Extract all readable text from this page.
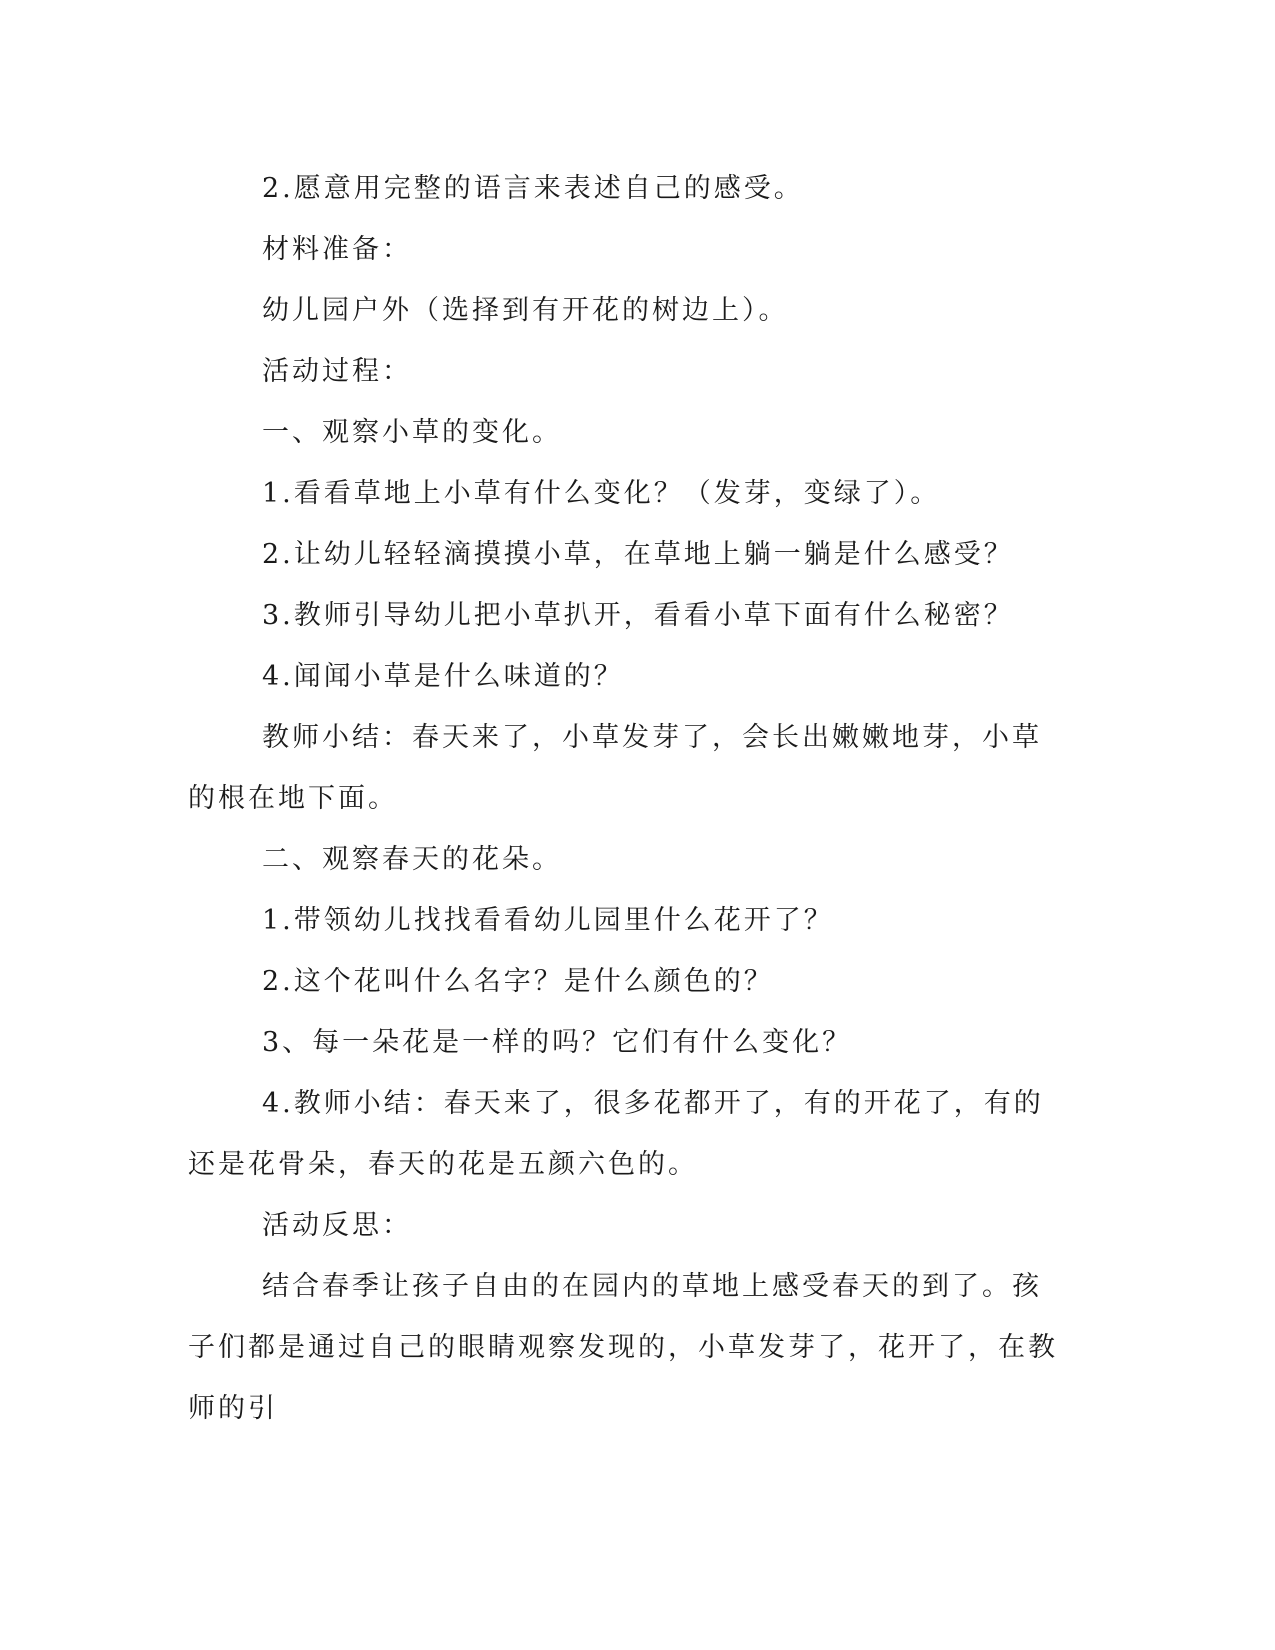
2.愿意用完整的语言来表述自己的感受。

材料准备：

幼儿园户外（选择到有开花的树边上）。

活动过程：

一、观察小草的变化。

1.看看草地上小草有什么变化？（发芽，变绿了）。

2.让幼儿轻轻滴摸摸小草，在草地上躺一躺是什么感受？

3.教师引导幼儿把小草扒开，看看小草下面有什么秘密？

4.闻闻小草是什么味道的？

教师小结：春天来了，小草发芽了，会长出嫩嫩地芽，小草的根在地下面。

二、观察春天的花朵。

1.带领幼儿找找看看幼儿园里什么花开了？

2.这个花叫什么名字？是什么颜色的？

3、每一朵花是一样的吗？它们有什么变化？

4.教师小结：春天来了，很多花都开了，有的开花了，有的还是花骨朵，春天的花是五颜六色的。

活动反思：

结合春季让孩子自由的在园内的草地上感受春天的到了。孩子们都是通过自己的眼睛观察发现的，小草发芽了，花开了，在教师的引
